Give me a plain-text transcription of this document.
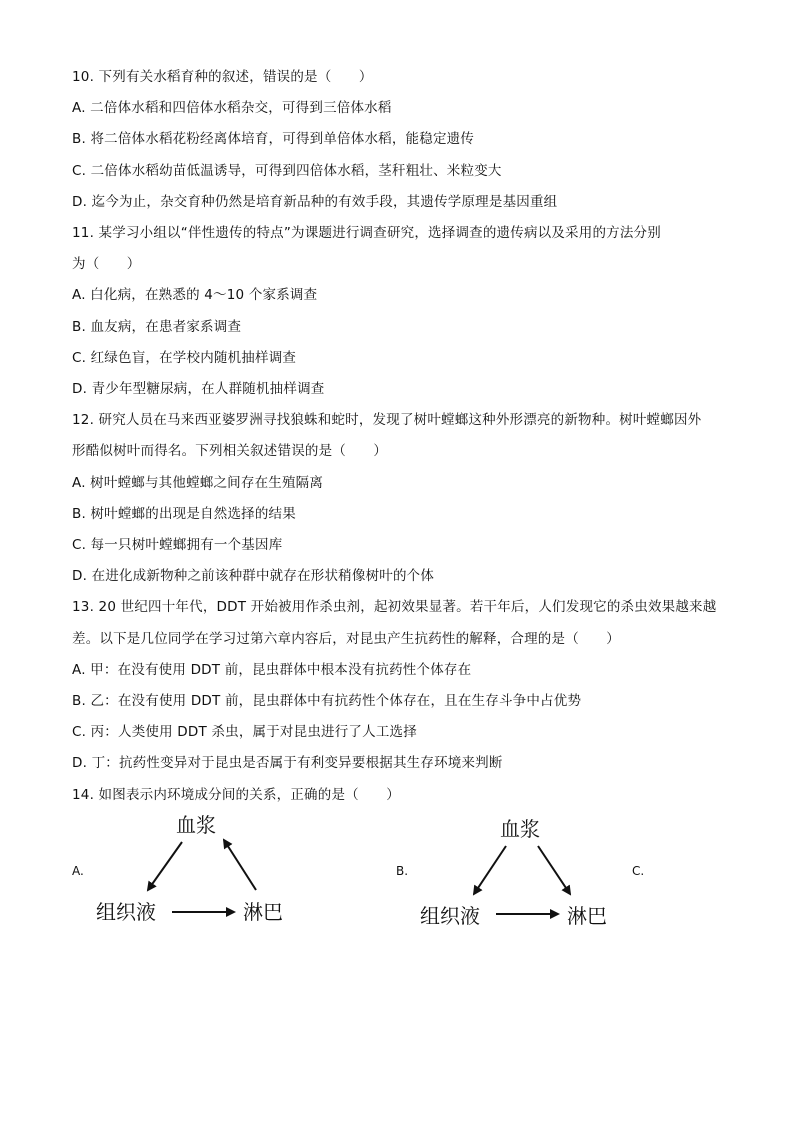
10. 下列有关水稻育种的叙述，错误的是（　　）
A. 二倍体水稻和四倍体水稻杂交，可得到三倍体水稻
B. 将二倍体水稻花粉经离体培育，可得到单倍体水稻，能稳定遗传
C. 二倍体水稻幼苗低温诱导，可得到四倍体水稻，茎秆粗壮、米粒变大
D. 迄今为止，杂交育种仍然是培育新品种的有效手段，其遗传学原理是基因重组
11. 某学习小组以“伴性遗传的特点”为课题进行调查研究，选择调查的遗传病以及采用的方法分别
为（　　）
A. 白化病，在熟悉的 4～10 个家系调查
B. 血友病，在患者家系调查
C. 红绿色盲，在学校内随机抽样调查
D. 青少年型糖尿病，在人群随机抽样调查
12. 研究人员在马来西亚婆罗洲寻找狼蛛和蛇时，发现了树叶螳螂这种外形漂亮的新物种。树叶螳螂因外
形酷似树叶而得名。下列相关叙述错误的是（　　）
A. 树叶螳螂与其他螳螂之间存在生殖隔离
B. 树叶螳螂的出现是自然选择的结果
C. 每一只树叶螳螂拥有一个基因库
D. 在进化成新物种之前该种群中就存在形状稍像树叶的个体
13. 20 世纪四十年代，DDT 开始被用作杀虫剂，起初效果显著。若干年后，人们发现它的杀虫效果越来越
差。以下是几位同学在学习过第六章内容后，对昆虫产生抗药性的解释，合理的是（　　）
A. 甲：在没有使用 DDT 前，昆虫群体中根本没有抗药性个体存在
B. 乙：在没有使用 DDT 前，昆虫群体中有抗药性个体存在，且在生存斗争中占优势
C. 丙：人类使用 DDT 杀虫，属于对昆虫进行了人工选择
D. 丁：抗药性变异对于昆虫是否属于有利变异要根据其生存环境来判断
14. 如图表示内环境成分间的关系，正确的是（　　）
A.
血浆
组织液	淋巴
B.
血浆
组织液	淋巴
C.
